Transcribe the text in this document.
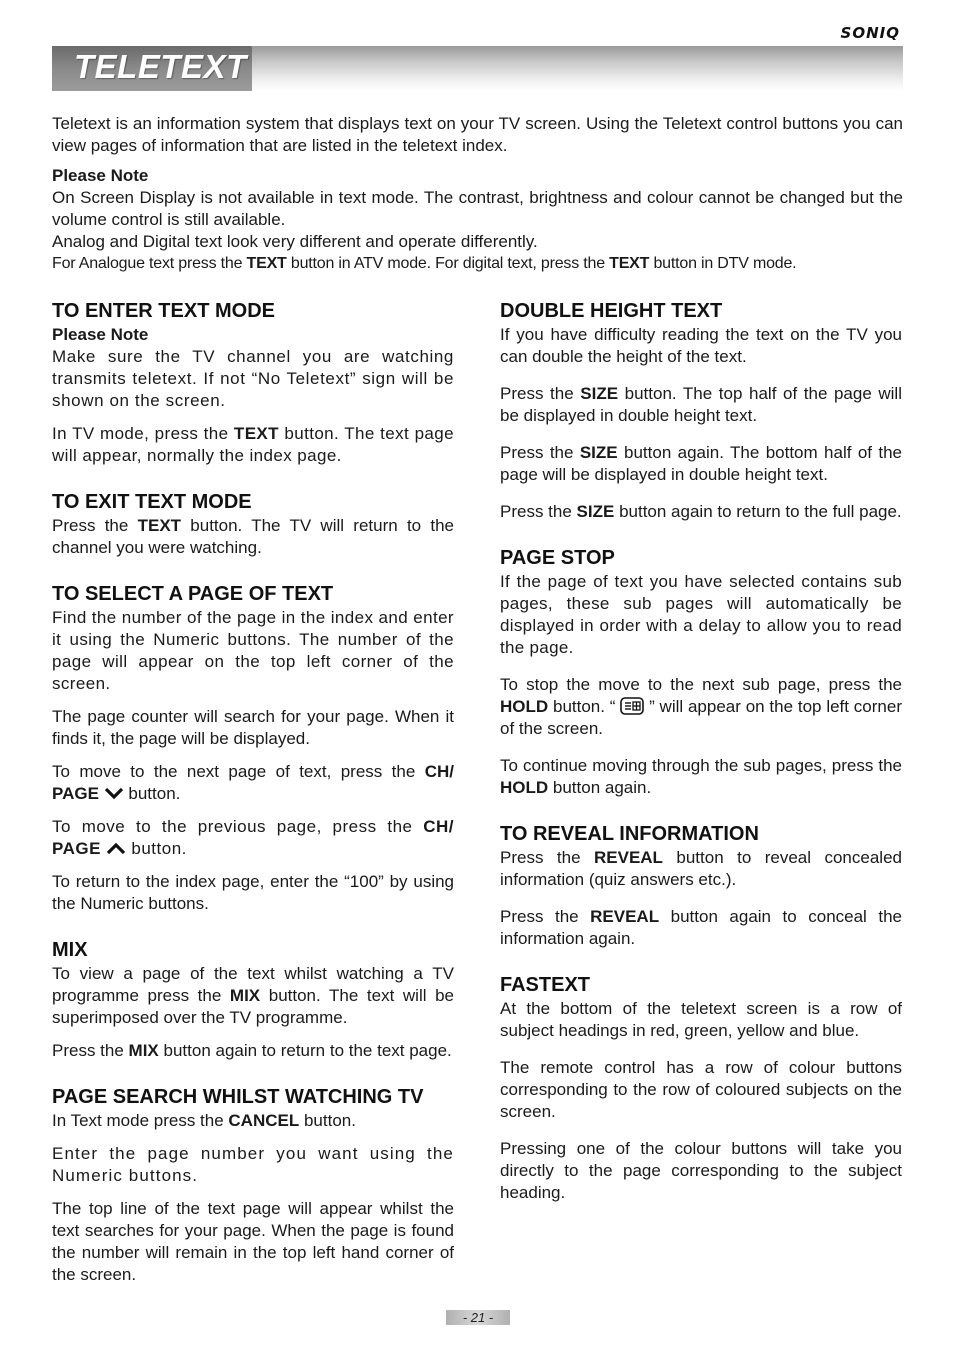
SONIQ
TELETEXT

Teletext is an information system that displays text on your TV screen. Using the Teletext control buttons you can view pages of information that are listed in the teletext index.

Please Note

On Screen Display is not available in text mode. The contrast, brightness and colour cannot be changed but the volume control is still available.

Analog and Digital text look very different and operate differently.

For Analogue text press the TEXT button in ATV mode. For digital text, press the TEXT button in DTV mode.

TO ENTER TEXT MODE
Please Note

Make sure the TV channel you are watching transmits teletext. If not “No Teletext” sign will be shown on the screen.

In TV mode, press the TEXT button. The text page will appear, normally the index page.

TO EXIT TEXT MODE

Press the TEXT button. The TV will return to the channel you were watching.

TO SELECT A PAGE OF TEXT

Find the number of the page in the index and enter it using the Numeric buttons. The number of the page will appear on the top left corner of the screen.

The page counter will search for your page. When it finds it, the page will be displayed.

To move to the next page of text, press the CH/ PAGE  button.

To move to the previous page, press the CH/ PAGE  button.

To return to the index page, enter the “100” by using the Numeric buttons.

MIX

To view a page of the text whilst watching a TV programme press the MIX button. The text will be superimposed over the TV programme.

Press the MIX button again to return to the text page.

PAGE SEARCH WHILST WATCHING TV

In Text mode press the CANCEL button.

Enter the page number you want using the Numeric buttons.

The top line of the text page will appear whilst the text searches for your page. When the page is found the number will remain in the top left hand corner of the screen.

DOUBLE HEIGHT TEXT

If you have difficulty reading the text on the TV you can double the height of the text.

Press the SIZE button. The top half of the page will be displayed in double height text.

Press the SIZE button again. The bottom half of the page will be displayed in double height text.

Press the SIZE button again to return to the full page.

PAGE STOP

If the page of text you have selected contains sub pages, these sub pages will automatically be displayed in order with a delay to allow you to read the page.

To stop the move to the next sub page, press the HOLD button. “  ” will appear on the top left corner of the screen.

To continue moving through the sub pages, press the HOLD button again.

TO REVEAL INFORMATION

Press the REVEAL button to reveal concealed information (quiz answers etc.).

Press the REVEAL button again to conceal the information again.

FASTEXT

At the bottom of the teletext screen is a row of subject headings in red, green, yellow and blue.

The remote control has a row of colour buttons corresponding to the row of coloured subjects on the screen.

Pressing one of the colour buttons will take you directly to the page corresponding to the subject heading.

- 21 -
